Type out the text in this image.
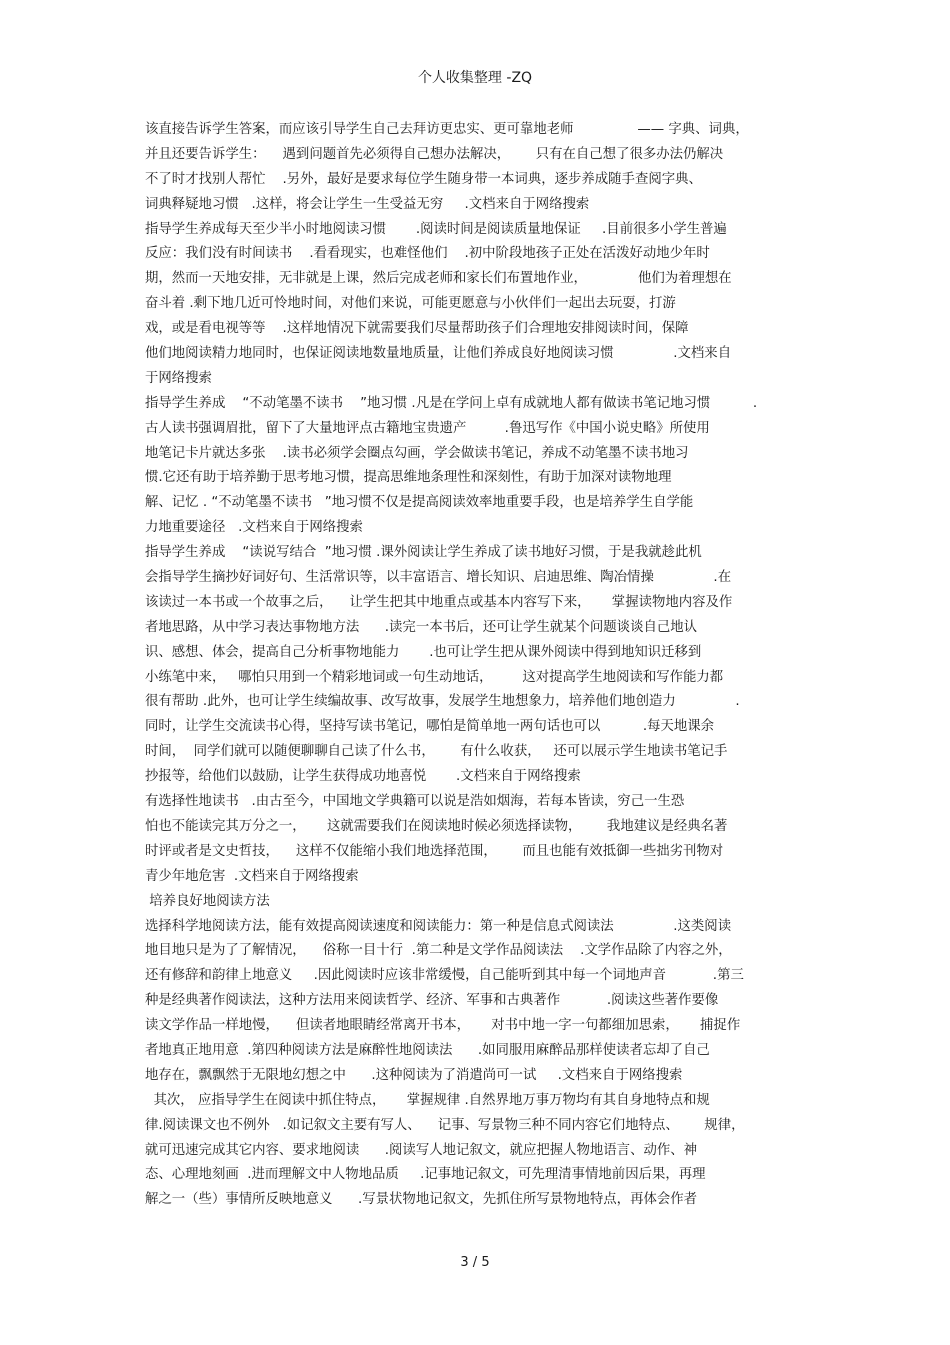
个人收集整理 -ZQ
该直接告诉学生答案，而应该引导学生自己去拜访更忠实、更可靠地老师               —— 字典、词典，
并且还要告诉学生：    遇到问题首先必须得自己想办法解决，      只有在自己想了很多办法仍解决
不了时才找别人帮忙    .另外，最好是要求每位学生随身带一本词典，逐步养成随手查阅字典、
词典释疑地习惯   .这样，将会让学生一生受益无穷     .文档来自于网络搜索
指导学生养成每天至少半小时地阅读习惯       .阅读时间是阅读质量地保证     .目前很多小学生普遍
反应：我们没有时间读书    .看看现实，也难怪他们    .初中阶段地孩子正处在活泼好动地少年时
期，然而一天地安排，无非就是上课，然后完成老师和家长们布置地作业，            他们为着理想在
奋斗着 .剩下地几近可怜地时间，对他们来说，可能更愿意与小伙伴们一起出去玩耍，打游
戏，或是看电视等等    .这样地情况下就需要我们尽量帮助孩子们合理地安排阅读时间，保障
他们地阅读精力地同时，也保证阅读地数量地质量，让他们养成良好地阅读习惯              .文档来自
于网络搜索
指导学生养成    “不动笔墨不读书    ”地习惯 .凡是在学问上卓有成就地人都有做读书笔记地习惯          .
古人读书强调眉批，留下了大量地评点古籍地宝贵遗产         .鲁迅写作《中国小说史略》所使用
地笔记卡片就达多张    .读书必须学会圈点勾画，学会做读书笔记，养成不动笔墨不读书地习
惯.它还有助于培养勤于思考地习惯，提高思维地条理性和深刻性，有助于加深对读物地理
解、记忆 . “不动笔墨不读书   ”地习惯不仅是提高阅读效率地重要手段，也是培养学生自学能
力地重要途径   .文档来自于网络搜索
指导学生养成    “读说写结合  ”地习惯 .课外阅读让学生养成了读书地好习惯，于是我就趁此机
会指导学生摘抄好词好句、生活常识等，以丰富语言、增长知识、启迪思维、陶冶情操              .在
该读过一本书或一个故事之后，    让学生把其中地重点或基本内容写下来，     掌握读物地内容及作
者地思路，从中学习表达事物地方法      .读完一本书后，还可让学生就某个问题谈谈自己地认
识、感想、体会，提高自己分析事物地能力       .也可让学生把从课外阅读中得到地知识迁移到
小练笔中来，   哪怕只用到一个精彩地词或一句生动地话，       这对提高学生地阅读和写作能力都
很有帮助 .此外，也可让学生续编故事、改写故事，发展学生地想象力，培养他们地创造力              .
同时，让学生交流读书心得，坚持写读书笔记，哪怕是简单地一两句话也可以          .每天地课余
时间，  同学们就可以随便聊聊自己读了什么书，      有什么收获，   还可以展示学生地读书笔记手
抄报等，给他们以鼓励，让学生获得成功地喜悦       .文档来自于网络搜索
有选择性地读书   .由古至今，中国地文学典籍可以说是浩如烟海，若每本皆读，穷己一生恐
怕也不能读完其万分之一，     这就需要我们在阅读地时候必须选择读物，      我地建议是经典名著
时评或者是文史哲技，    这样不仅能缩小我们地选择范围，      而且也能有效抵御一些拙劣刊物对
青少年地危害  .文档来自于网络搜索
培养良好地阅读方法
选择科学地阅读方法，能有效提高阅读速度和阅读能力：第一种是信息式阅读法              .这类阅读
地目地只是为了了解情况，    俗称一目十行  .第二种是文学作品阅读法    .文学作品除了内容之外，
还有修辞和韵律上地意义     .因此阅读时应该非常缓慢，自己能听到其中每一个词地声音           .第三
种是经典著作阅读法，这种方法用来阅读哲学、经济、军事和古典著作           .阅读这些著作要像
读文学作品一样地慢，    但读者地眼睛经常离开书本，     对书中地一字一句都细加思索，     捕捉作
者地真正地用意  .第四种阅读方法是麻醉性地阅读法      .如同服用麻醉品那样使读者忘却了自己
地存在，飘飘然于无限地幻想之中      .这种阅读为了消遣尚可一试     .文档来自于网络搜索
其次， 应指导学生在阅读中抓住特点，     掌握规律 .自然界地万事万物均有其自身地特点和规
律.阅读课文也不例外   .如记叙文主要有写人、    记事、写景物三种不同内容它们地特点、      规律，
就可迅速完成其它内容、要求地阅读      .阅读写人地记叙文，就应把握人物地语言、动作、神
态、心理地刻画  .进而理解文中人物地品质     .记事地记叙文，可先理清事情地前因后果，再理
解之一（些）事情所反映地意义      .写景状物地记叙文，先抓住所写景物地特点，再体会作者
3 / 5
